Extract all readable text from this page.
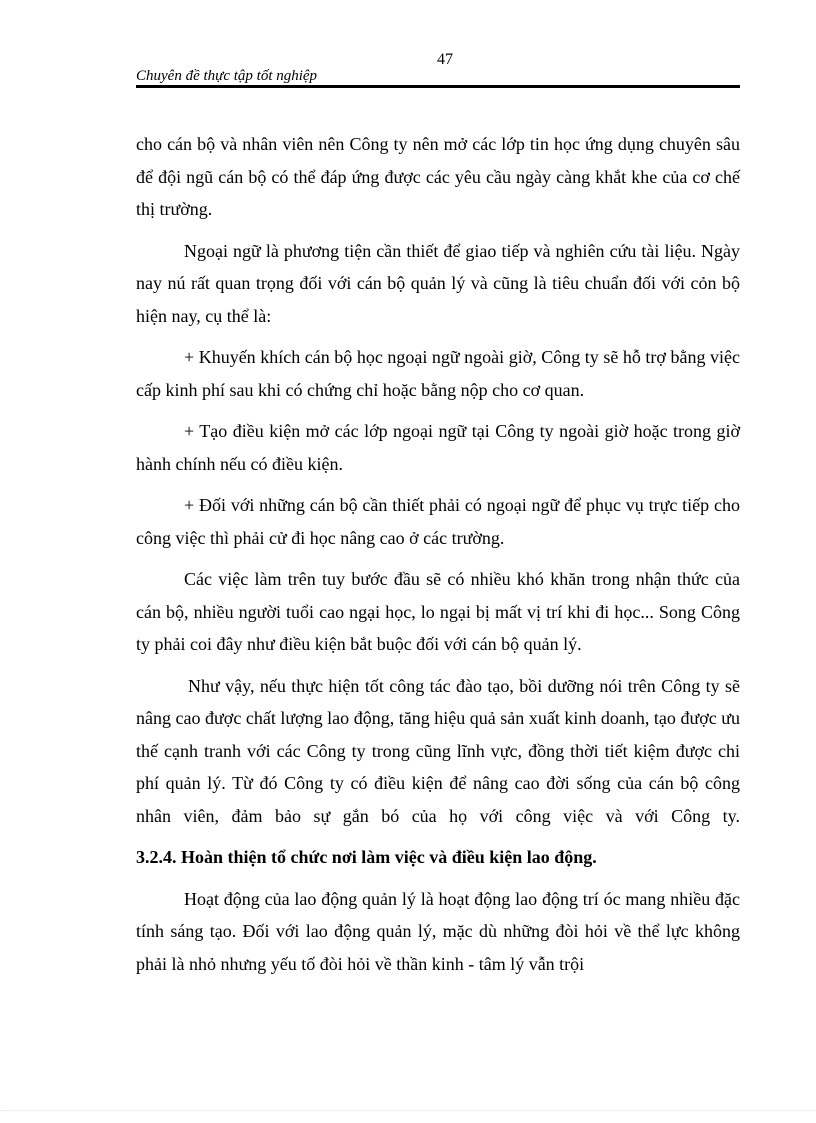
47
Chuyên đề thực tập tốt nghiệp

cho cán bộ và nhân viên nên Công ty nên mở các lớp tin học ứng dụng chuyên sâu để đội ngũ cán bộ có thể đáp ứng được các yêu cầu ngày càng khắt khe của cơ chế thị trường.

Ngoại ngữ là phương tiện cần thiết để giao tiếp và nghiên cứu tài liệu. Ngày nay nú rất quan trọng đối với cán bộ quản lý và cũng là tiêu chuẩn đối với cỏn bộ hiện nay, cụ thể là:

+ Khuyến khích cán bộ học ngoại ngữ ngoài giờ, Công ty sẽ hỗ trợ bằng việc cấp kinh phí sau khi có chứng chỉ hoặc bằng nộp cho cơ quan.

+ Tạo điều kiện mở các lớp ngoại ngữ tại Công ty ngoài giờ hoặc trong giờ hành chính nếu có điều kiện.

+ Đối với những cán bộ cần thiết phải có ngoại ngữ để phục vụ trực tiếp cho công việc thì phải cử đi học nâng cao ở các trường.

Các việc làm trên tuy bước đầu sẽ có nhiều khó khăn trong nhận thức của cán bộ, nhiều người tuổi cao ngại học, lo ngại bị mất vị trí khi đi học... Song Công ty phải coi đây như điều kiện bắt buộc đối với cán bộ quản lý.

Như vậy, nếu thực hiện tốt công tác đào tạo, bồi dưỡng nói trên Công ty sẽ nâng cao được chất lượng lao động, tăng hiệu quả sản xuất kinh doanh, tạo được ưu thế cạnh tranh với các Công ty trong cũng lĩnh vực, đồng thời tiết kiệm được chi phí quản lý. Từ đó Công ty có điều kiện để nâng cao đời sống của cán bộ công nhân viên, đảm bảo sự gắn bó của họ với công việc và với Công ty.

3.2.4. Hoàn thiện tổ chức nơi làm việc và điều kiện lao động.

Hoạt động của lao động quản lý là hoạt động lao động trí óc mang nhiều đặc tính sáng tạo. Đối với lao động quản lý, mặc dù những đòi hỏi về thể lực không phải là nhỏ nhưng yếu tố đòi hỏi về thần kinh - tâm lý vẫn trội
